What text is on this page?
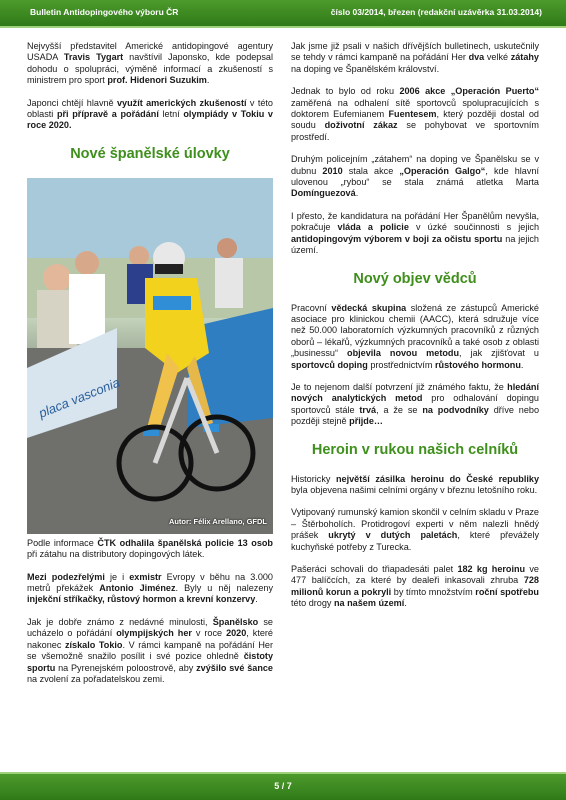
Bulletin Antidopingového výboru ČR	číslo 03/2014, březen (redakční uzávěrka 31.03.2014)

Nejvyšší představitel Americké antidopingové agentury USADA Travis Tygart navštívil Japonsko, kde podepsal dohodu o spolupráci, výměně informací a zkušeností s ministrem pro sport prof. Hidenori Suzukim.

Japonci chtějí hlavně využít amerických zkušeností v této oblasti při přípravě a pořádání letní olympiády v Tokiu v roce 2020.

Nové španělské úlovky
placa vasconia
Autor: Félix Arellano, GFDL

Podle informace ČTK odhalila španělská policie 13 osob při zátahu na distributory dopingových látek.

Mezi podezřelými je i exmistr Evropy v běhu na 3.000 metrů překážek Antonio Jiménez. Byly u něj nalezeny injekční stříkačky, růstový hormon a krevní konzervy.

Jak je dobře známo z nedávné minulosti, Španělsko se ucházelo o pořádání olympijských her v roce 2020, které nakonec získalo Tokio. V rámci kampaně na pořádání Her se všemožně snažilo posílit i své pozice ohledně čistoty sportu na Pyrenejském poloostrově, aby zvýšilo své šance na zvolení za pořadatelskou zemi.

Jak jsme již psali v našich dřívějších bulletinech, uskutečnily se tehdy v rámci kampaně na pořádání Her dva velké zátahy na doping ve Španělském království.

Jednak to bylo od roku 2006 akce „Operación Puerto“ zaměřená na odhalení sítě sportovců spolupracujících s doktorem Eufemianem Fuentesem, který později dostal od soudu doživotní zákaz se pohybovat ve sportovním prostředí.

Druhým policejním „zátahem“ na doping ve Španělsku se v dubnu 2010 stala akce „Operación Galgo“, kde hlavní ulovenou „rybou“ se stala známá atletka Marta Domínguezová.

I přesto, že kandidatura na pořádání Her Španělům nevyšla, pokračuje vláda a policie v úzké součinnosti s jejich antidopingovým výborem v boji za očistu sportu na jejich území.

Nový objev vědců

Pracovní vědecká skupina složená ze zástupců Americké asociace pro klinickou chemii (AACC), která sdružuje více než 50.000 laboratorních výzkumných pracovníků z různých oborů – lékařů, výzkumných pracovníků a také osob z oblasti „businessu“ objevila novou metodu, jak zjišťovat u sportovců doping prostřednictvím růstového hormonu.

Je to nejenom další potvrzení již známého faktu, že hledání nových analytických metod pro odhalování dopingu sportovců stále trvá, a že se na podvodníky dříve nebo později stejně přijde…

Heroin v rukou našich celníků

Historicky největší zásilka heroinu do České republiky byla objevena našimi celními orgány v březnu letošního roku.

Vytipovaný rumunský kamion skončil v celním skladu v Praze – Štěrboholích. Protidrogoví experti v něm nalezli hnědý prášek ukrytý v dutých paletách, které převážely kuchyňské potřeby z Turecka.

Pašeráci schovali do třiapadesáti palet 182 kg heroinu ve 477 balíčcích, za které by dealeři inkasovali zhruba 728 milionů korun a pokryli by tímto množstvím roční spotřebu této drogy na našem území.

5 / 7
